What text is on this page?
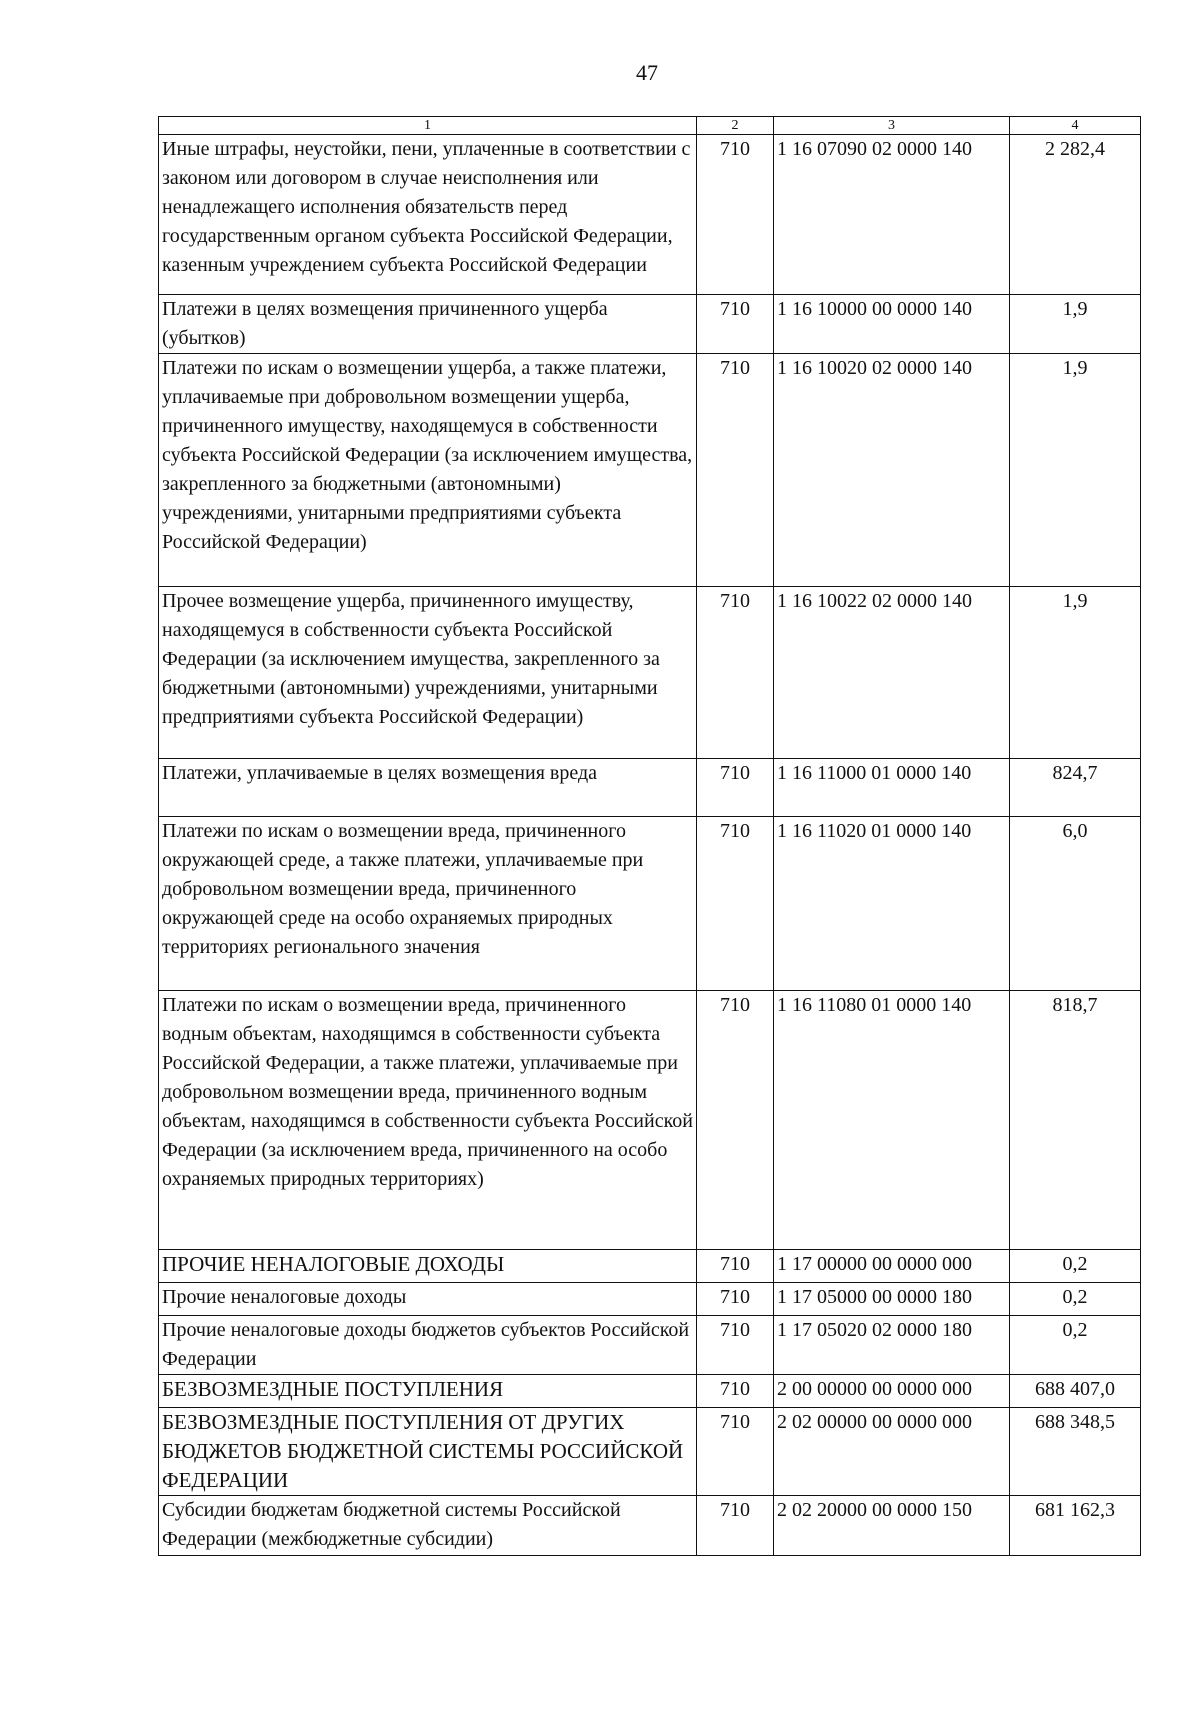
47
1	2	3	4
Иные штрафы, неустойки, пени, уплаченные в соответствии с законом или договором в случае неисполнения или ненадлежащего исполнения обязательств перед государственным органом субъекта Российской Федерации, казенным учреждением субъекта Российской Федерации	710	1 16 07090 02 0000 140	2 282,4
Платежи в целях возмещения причиненного ущерба (убытков)	710	1 16 10000 00 0000 140	1,9
Платежи по искам о возмещении ущерба, а также платежи, уплачиваемые при добровольном возмещении ущерба, причиненного имуществу, находящемуся в собственности субъекта Российской Федерации (за исключением имущества, закрепленного за бюджетными (автономными) учреждениями, унитарными предприятиями субъекта Российской Федерации)	710	1 16 10020 02 0000 140	1,9
Прочее возмещение ущерба, причиненного имуществу, находящемуся в собственности субъекта Российской Федерации (за исключением имущества, закрепленного за бюджетными (автономными) учреждениями, унитарными предприятиями субъекта Российской Федерации)	710	1 16 10022 02 0000 140	1,9
Платежи, уплачиваемые в целях возмещения вреда	710	1 16 11000 01 0000 140	824,7
Платежи по искам о возмещении вреда, причиненного окружающей среде, а также платежи, уплачиваемые при добровольном возмещении вреда, причиненного окружающей среде на особо охраняемых природных территориях регионального значения	710	1 16 11020 01 0000 140	6,0
Платежи по искам о возмещении вреда, причиненного водным объектам, находящимся в собственности субъекта Российской Федерации, а также платежи, уплачиваемые при добровольном возмещении вреда, причиненного водным объектам, находящимся в собственности субъекта Российской Федерации (за исключением вреда, причиненного на особо охраняемых природных территориях)	710	1 16 11080 01 0000 140	818,7
ПРОЧИЕ НЕНАЛОГОВЫЕ ДОХОДЫ	710	1 17 00000 00 0000 000	0,2
Прочие неналоговые доходы	710	1 17 05000 00 0000 180	0,2
Прочие неналоговые доходы бюджетов субъектов Российской Федерации	710	1 17 05020 02 0000 180	0,2
БЕЗВОЗМЕЗДНЫЕ ПОСТУПЛЕНИЯ	710	2 00 00000 00 0000 000	688 407,0
БЕЗВОЗМЕЗДНЫЕ ПОСТУПЛЕНИЯ ОТ ДРУГИХ БЮДЖЕТОВ БЮДЖЕТНОЙ СИСТЕМЫ РОССИЙСКОЙ ФЕДЕРАЦИИ	710	2 02 00000 00 0000 000	688 348,5
Субсидии бюджетам бюджетной системы Российской Федерации (межбюджетные субсидии)	710	2 02 20000 00 0000 150	681 162,3
